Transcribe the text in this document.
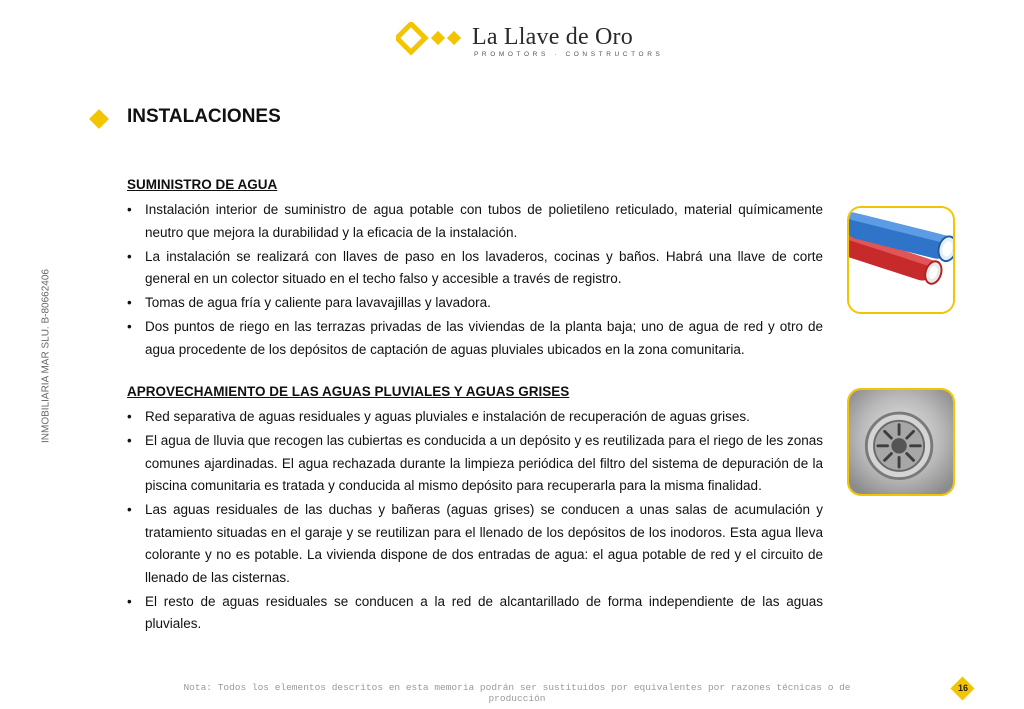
La Llave de Oro
PROMOTORS · CONSTRUCTORS
INMOBILIARIA MAR SLU. B-80662406
INSTALACIONES
SUMINISTRO DE AGUA
• Instalación interior de suministro de agua potable con tubos de polietileno reticulado, material químicamente neutro que mejora la durabilidad y la eficacia de la instalación.
• La instalación se realizará con llaves de paso en los lavaderos, cocinas y baños. Habrá una llave de corte general en un colector situado en el techo falso y accesible a través de registro.
• Tomas de agua fría y caliente para lavavajillas y lavadora.
• Dos puntos de riego en las terrazas privadas de las viviendas de la planta baja; uno de agua de red y otro de agua procedente de los depósitos de captación de aguas pluviales ubicados en la zona comunitaria.
APROVECHAMIENTO DE LAS AGUAS PLUVIALES Y AGUAS GRISES
• Red separativa de aguas residuales y aguas pluviales e instalación de recuperación de aguas grises.
• El agua de lluvia que recogen las cubiertas es conducida a un depósito y es reutilizada para el riego de les zonas comunes ajardinadas. El agua rechazada durante la limpieza periódica del filtro del sistema de depuración de la piscina comunitaria es tratada y conducida al mismo depósito para recuperarla para la misma finalidad.
• Las aguas residuales de las duchas y bañeras (aguas grises) se conducen a unas salas de acumulación y tratamiento situadas en el garaje y se reutilizan para el llenado de los depósitos de los inodoros. Esta agua lleva colorante y no es potable. La vivienda dispone de dos entradas de agua: el agua potable de red y el circuito de llenado de las cisternas.
• El resto de aguas residuales se conducen a la red de alcantarillado de forma independiente de las aguas pluviales.
Nota: Todos los elementos descritos en esta memoria podrán ser sustituidos por equivalentes por razones técnicas o de producción
16
